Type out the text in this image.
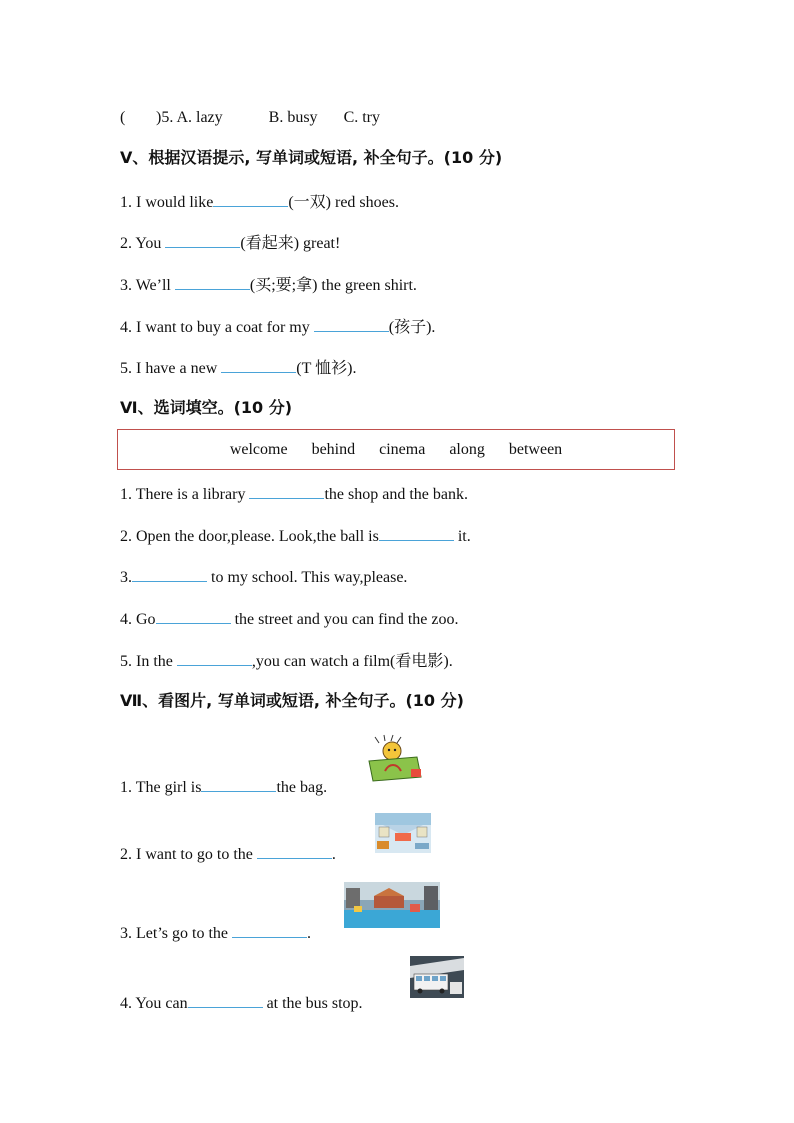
( )5. A. lazy	B. busy C. try
Ⅴ、根据汉语提示, 写单词或短语, 补全句子。(10 分)
1. I would like	(一双) red shoes.
2. You	(看起来) great!
3. We’ll	(买;要;拿) the green shirt.
4. I want to buy a coat for my	(孩子).
5. I have a new	(T 恤衫).
Ⅵ、选词填空。(10 分)
welcome behind cinema along between
1. There is a library	the shop and the bank.
2. Open the door,please. Look,the ball is	it.
3.	to my school. This way,please.
4. Go	the street and you can find the zoo.
5. In the	,you can watch a film(看电影).
Ⅶ、看图片, 写单词或短语, 补全句子。(10 分)
1. The girl is	the bag.
2. I want to go to the	.
3. Let’s go to the	.
4. You can	at the bus stop.
